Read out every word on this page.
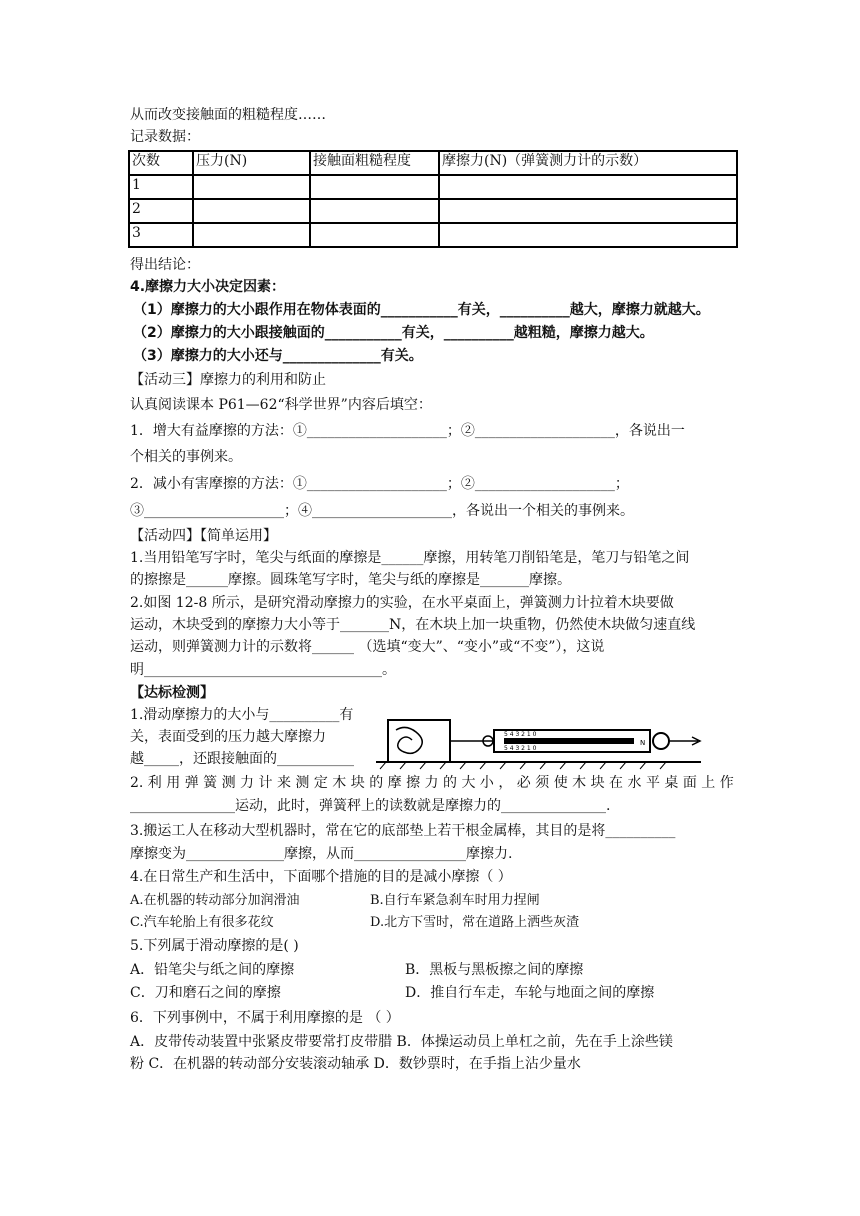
从而改变接触面的粗糙程度……
记录数据：
次数	压力(N)	接触面粗糙程度	摩擦力(N)（弹簧测力计的示数）
1			
2			
3			
得出结论：
4.摩擦力大小决定因素：
（1）摩擦力的大小跟作用在物体表面的___________有关，__________越大，摩擦力就越大。
（2）摩擦力的大小跟接触面的___________有关，__________越粗糙，摩擦力越大。
（3）摩擦力的大小还与______________有关。
【活动三】摩擦力的利用和防止
认真阅读课本 P61—62“科学世界”内容后填空：
1．增大有益摩擦的方法：①____________________；②____________________，各说出一
个相关的事例来。
2．减小有害摩擦的方法：①____________________；②____________________；
③____________________；④____________________，各说出一个相关的事例来。
【活动四】【简单运用】
1.当用铅笔写字时，笔尖与纸面的摩擦是______摩擦，用转笔刀削铅笔是，笔刀与铅笔之间
的擦擦是______摩擦。圆珠笔写字时，笔尖与纸的摩擦是_______摩擦。
2.如图 12-8 所示，是研究滑动摩擦力的实验，在水平桌面上，弹簧测力计拉着木块要做
运动，木块受到的摩擦力大小等于_______N，在木块上加一块重物，仍然使木块做匀速直线
运动，则弹簧测力计的示数将______ （选填“变大”、“变小”或“不变”），这说
明__________________________________。
【达标检测】
1.滑动摩擦力的大小与__________有
关，表面受到的压力越大摩擦力
越_____，还跟接触面的___________
5 4 3 2 1 0
5 4 3 2 1 0
N
2. 利 用 弹 簧 测 力 计 来 测 定 木 块 的 摩 擦 力 的 大 小 ， 必 须 使 木 块 在 水 平 桌 面 上 作
_______________运动，此时，弹簧秤上的读数就是摩擦力的_______________.
3.搬运工人在移动大型机器时，常在它的底部垫上若干根金属棒，其目的是将__________
摩擦变为______________摩擦，从而________________摩擦力.
4.在日常生产和生活中，下面哪个措施的目的是减小摩擦（ ）
A.在机器的转动部分加润滑油	B.自行车紧急刹车时用力捏闸
C.汽车轮胎上有很多花纹	D.北方下雪时，常在道路上洒些灰渣
5.下列属于滑动摩擦的是( )
A．铅笔尖与纸之间的摩擦	B．黑板与黑板擦之间的摩擦
C．刀和磨石之间的摩擦	D．推自行车走，车轮与地面之间的摩擦
6．下列事例中，不属于利用摩擦的是 （ ）
A．皮带传动装置中张紧皮带要常打皮带腊 B．体操运动员上单杠之前，先在手上涂些镁
粉 C．在机器的转动部分安装滚动轴承 D．数钞票时，在手指上沾少量水
